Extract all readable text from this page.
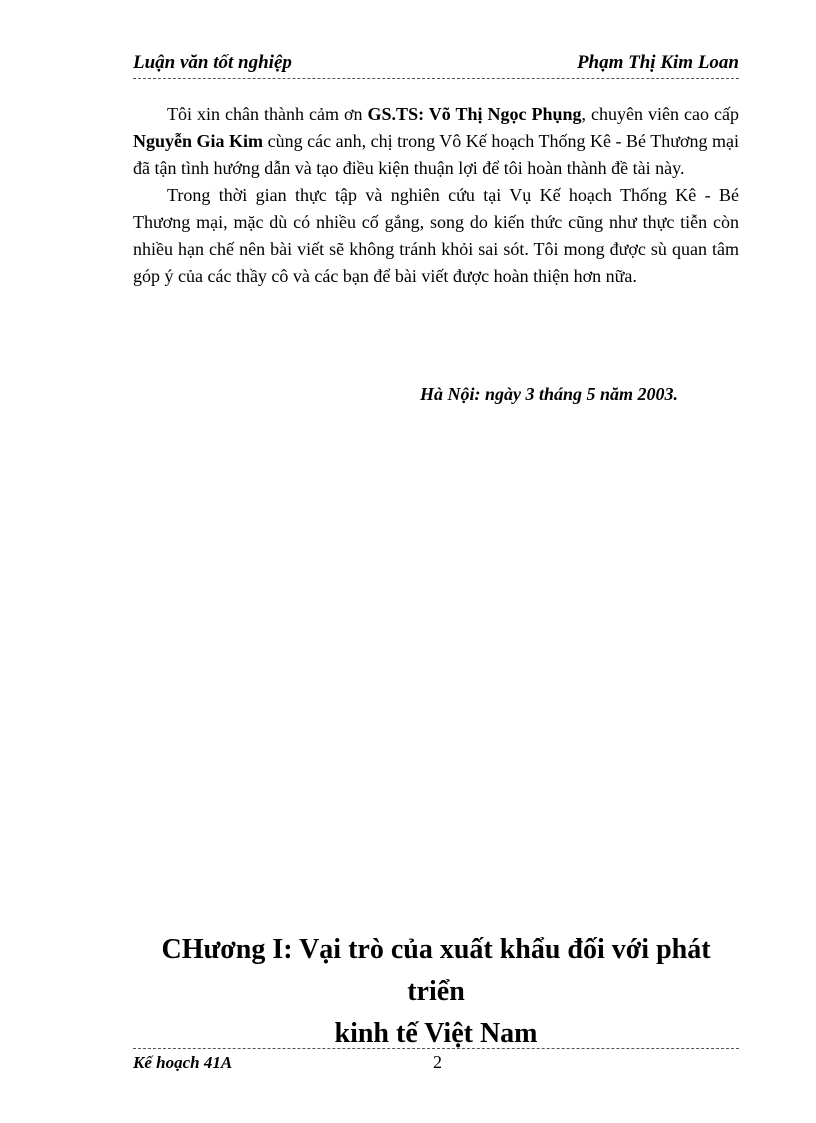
Luận văn tốt nghiệp	Phạm Thị Kim Loan

Tôi xin chân thành cảm ơn GS.TS: Võ Thị Ngọc Phụng, chuyên viên cao cấp Nguyễn Gia Kim cùng các anh, chị trong Vô Kế hoạch Thống Kê - Bé Thương mại đã tận tình hướng dẫn và tạo điều kiện thuận lợi để tôi hoàn thành đề tài này.

Trong thời gian thực tập và nghiên cứu tại Vụ Kế hoạch Thống Kê - Bé Thương mại, mặc dù có nhiều cố gắng, song do kiến thức cũng như thực tiễn còn nhiều hạn chế nên bài viết sẽ không tránh khỏi sai sót. Tôi mong được sù quan tâm góp ý của các thầy cô và các bạn để bài viết được hoàn thiện hơn nữa.

Hà Nội: ngày 3 tháng 5 năm 2003.
CHương I: Vại trò của xuất khẩu đối với phát triển
kinh tế Việt Nam
Kế hoạch 41A	2
